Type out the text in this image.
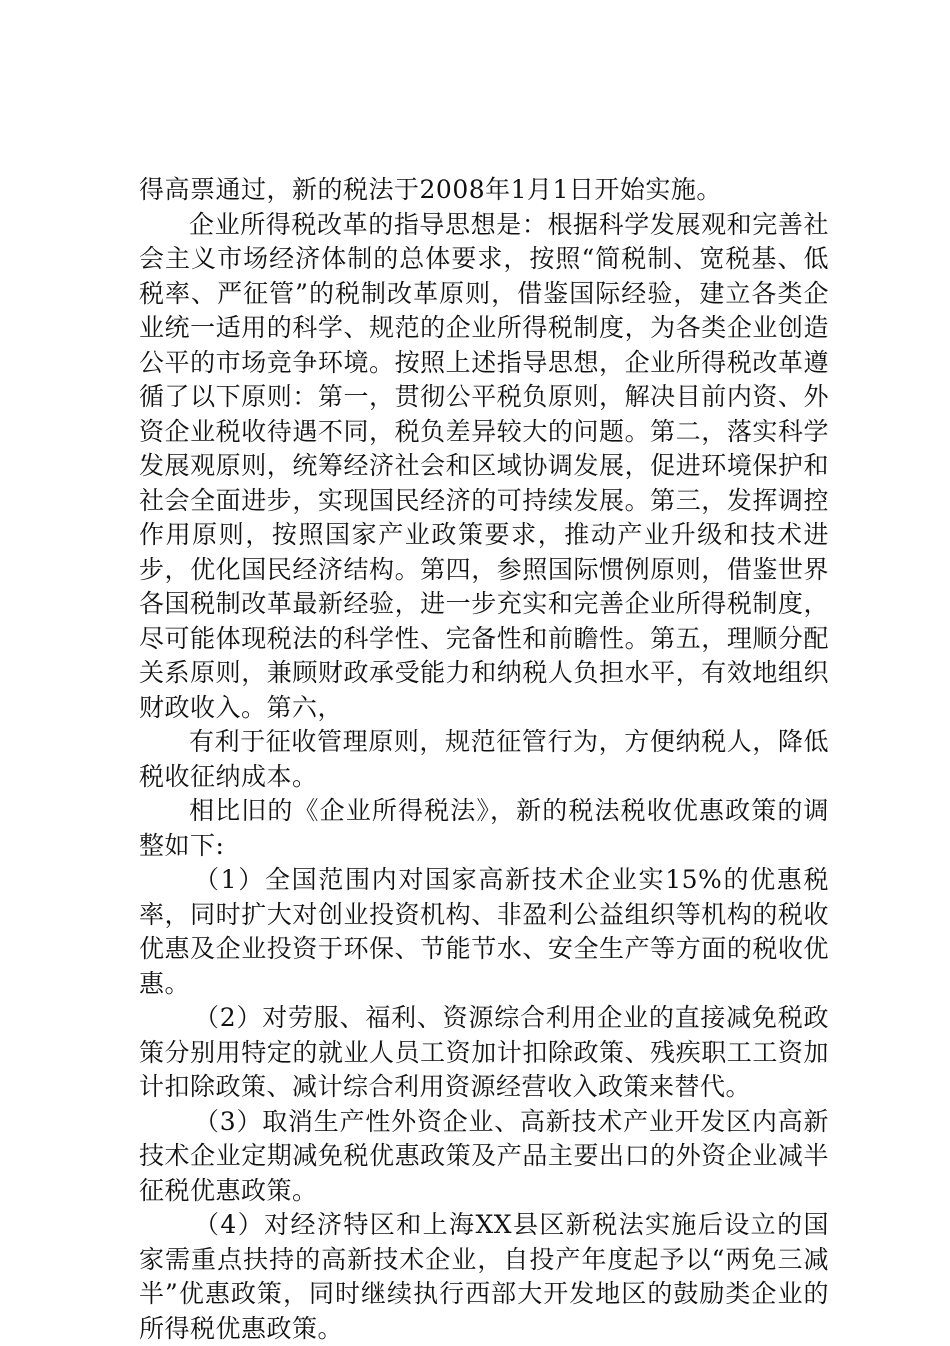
得高票通过，新的税法于2008年1月1日开始实施。

企业所得税改革的指导思想是：根据科学发展观和完善社会主义市场经济体制的总体要求，按照“简税制、宽税基、低税率、严征管”的税制改革原则，借鉴国际经验，建立各类企业统一适用的科学、规范的企业所得税制度，为各类企业创造公平的市场竞争环境。按照上述指导思想，企业所得税改革遵循了以下原则：第一，贯彻公平税负原则，解决目前内资、外资企业税收待遇不同，税负差异较大的问题。第二，落实科学发展观原则，统筹经济社会和区域协调发展，促进环境保护和社会全面进步，实现国民经济的可持续发展。第三，发挥调控作用原则，按照国家产业政策要求，推动产业升级和技术进步，优化国民经济结构。第四，参照国际惯例原则，借鉴世界各国税制改革最新经验，进一步充实和完善企业所得税制度，尽可能体现税法的科学性、完备性和前瞻性。第五，理顺分配关系原则，兼顾财政承受能力和纳税人负担水平，有效地组织财政收入。第六，

有利于征收管理原则，规范征管行为，方便纳税人，降低税收征纳成本。

相比旧的《企业所得税法》，新的税法税收优惠政策的调整如下:

（1）全国范围内对国家高新技术企业实15%的优惠税率，同时扩大对创业投资机构、非盈利公益组织等机构的税收优惠及企业投资于环保、节能节水、安全生产等方面的税收优惠。

（2）对劳服、福利、资源综合利用企业的直接减免税政策分别用特定的就业人员工资加计扣除政策、残疾职工工资加计扣除政策、减计综合利用资源经营收入政策来替代。

（3）取消生产性外资企业、高新技术产业开发区内高新技术企业定期减免税优惠政策及产品主要出口的外资企业减半征税优惠政策。

（4）对经济特区和上海XX县区新税法实施后设立的国家需重点扶持的高新技术企业，自投产年度起予以“两免三减半”优惠政策，同时继续执行西部大开发地区的鼓励类企业的所得税优惠政策。
